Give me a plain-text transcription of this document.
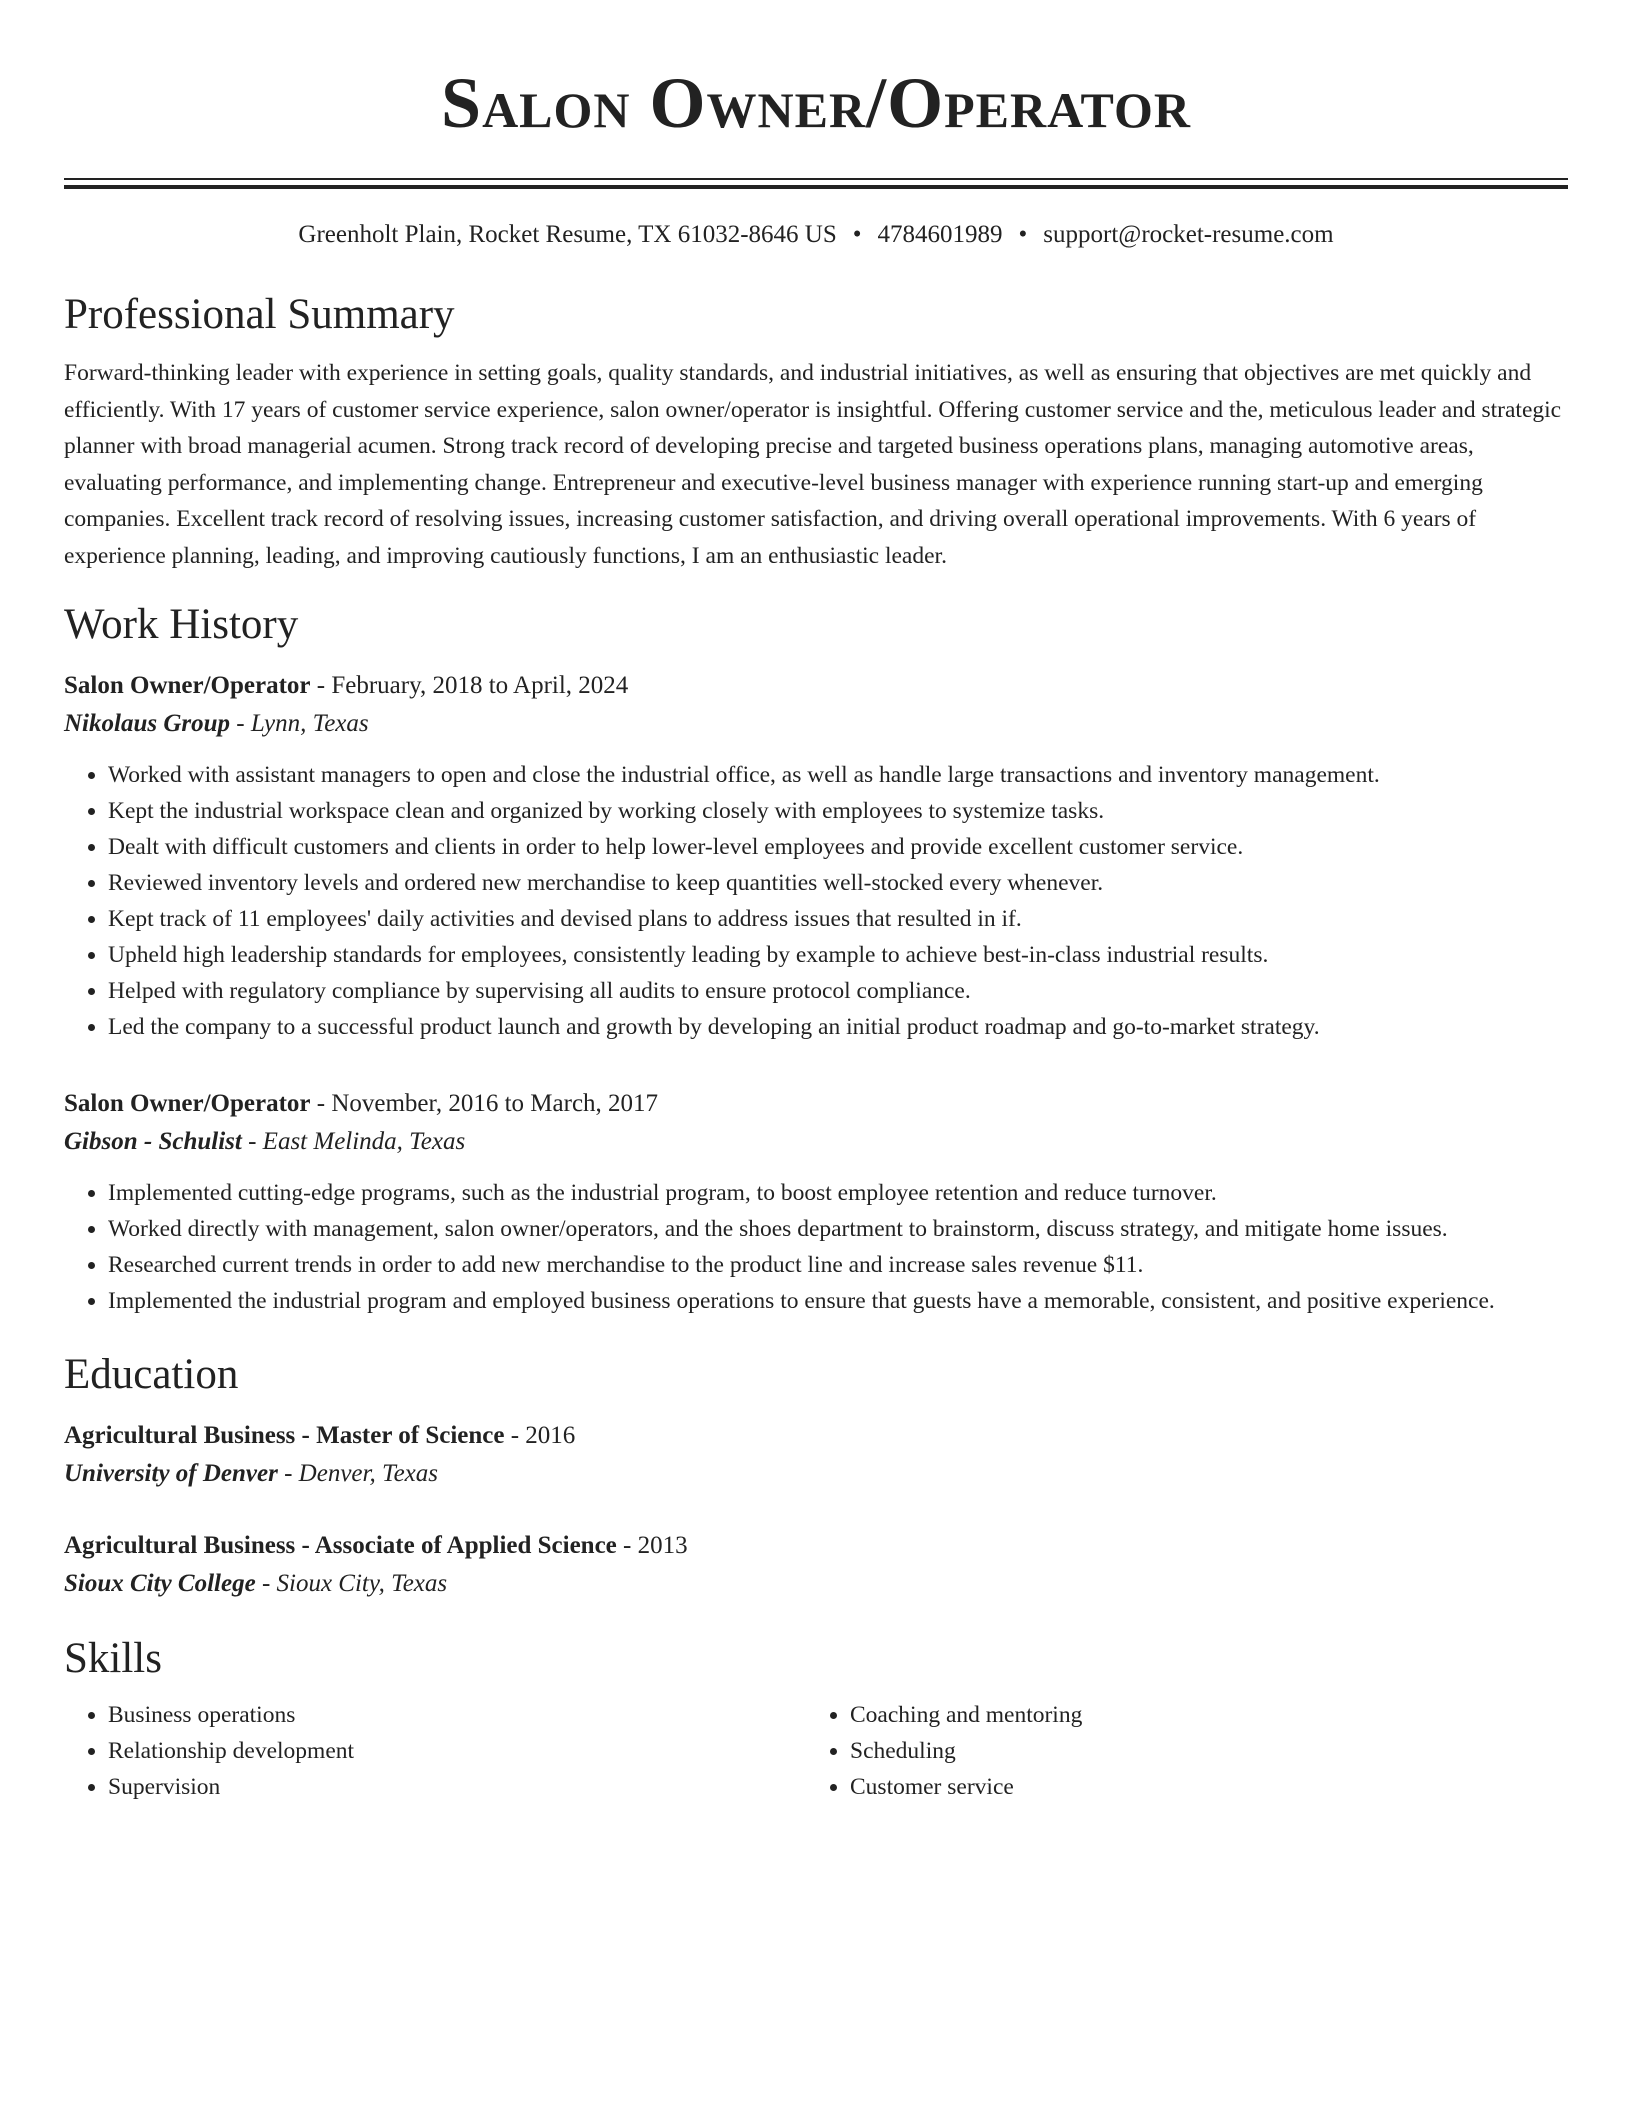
Salon Owner/Operator
Greenholt Plain, Rocket Resume, TX 61032-8646 US • 4784601989 • support@rocket-resume.com
Professional Summary

Forward-thinking leader with experience in setting goals, quality standards, and industrial initiatives, as well as ensuring that objectives are met quickly and efficiently. With 17 years of customer service experience, salon owner/operator is insightful. Offering customer service and the, meticulous leader and strategic planner with broad managerial acumen. Strong track record of developing precise and targeted business operations plans, managing automotive areas, evaluating performance, and implementing change. Entrepreneur and executive-level business manager with experience running start-up and emerging companies. Excellent track record of resolving issues, increasing customer satisfaction, and driving overall operational improvements. With 6 years of experience planning, leading, and improving cautiously functions, I am an enthusiastic leader.

Work History
Salon Owner/Operator - February, 2018 to April, 2024
Nikolaus Group - Lynn, Texas
• Worked with assistant managers to open and close the industrial office, as well as handle large transactions and inventory management.
• Kept the industrial workspace clean and organized by working closely with employees to systemize tasks.
• Dealt with difficult customers and clients in order to help lower-level employees and provide excellent customer service.
• Reviewed inventory levels and ordered new merchandise to keep quantities well-stocked every whenever.
• Kept track of 11 employees' daily activities and devised plans to address issues that resulted in if.
• Upheld high leadership standards for employees, consistently leading by example to achieve best-in-class industrial results.
• Helped with regulatory compliance by supervising all audits to ensure protocol compliance.
• Led the company to a successful product launch and growth by developing an initial product roadmap and go-to-market strategy.
Salon Owner/Operator - November, 2016 to March, 2017
Gibson - Schulist - East Melinda, Texas
• Implemented cutting-edge programs, such as the industrial program, to boost employee retention and reduce turnover.
• Worked directly with management, salon owner/operators, and the shoes department to brainstorm, discuss strategy, and mitigate home issues.
• Researched current trends in order to add new merchandise to the product line and increase sales revenue $11.
• Implemented the industrial program and employed business operations to ensure that guests have a memorable, consistent, and positive experience.
Education
Agricultural Business - Master of Science - 2016
University of Denver - Denver, Texas
Agricultural Business - Associate of Applied Science - 2013
Sioux City College - Sioux City, Texas
Skills
• Business operations
• Relationship development
• Supervision
• Coaching and mentoring
• Scheduling
• Customer service
